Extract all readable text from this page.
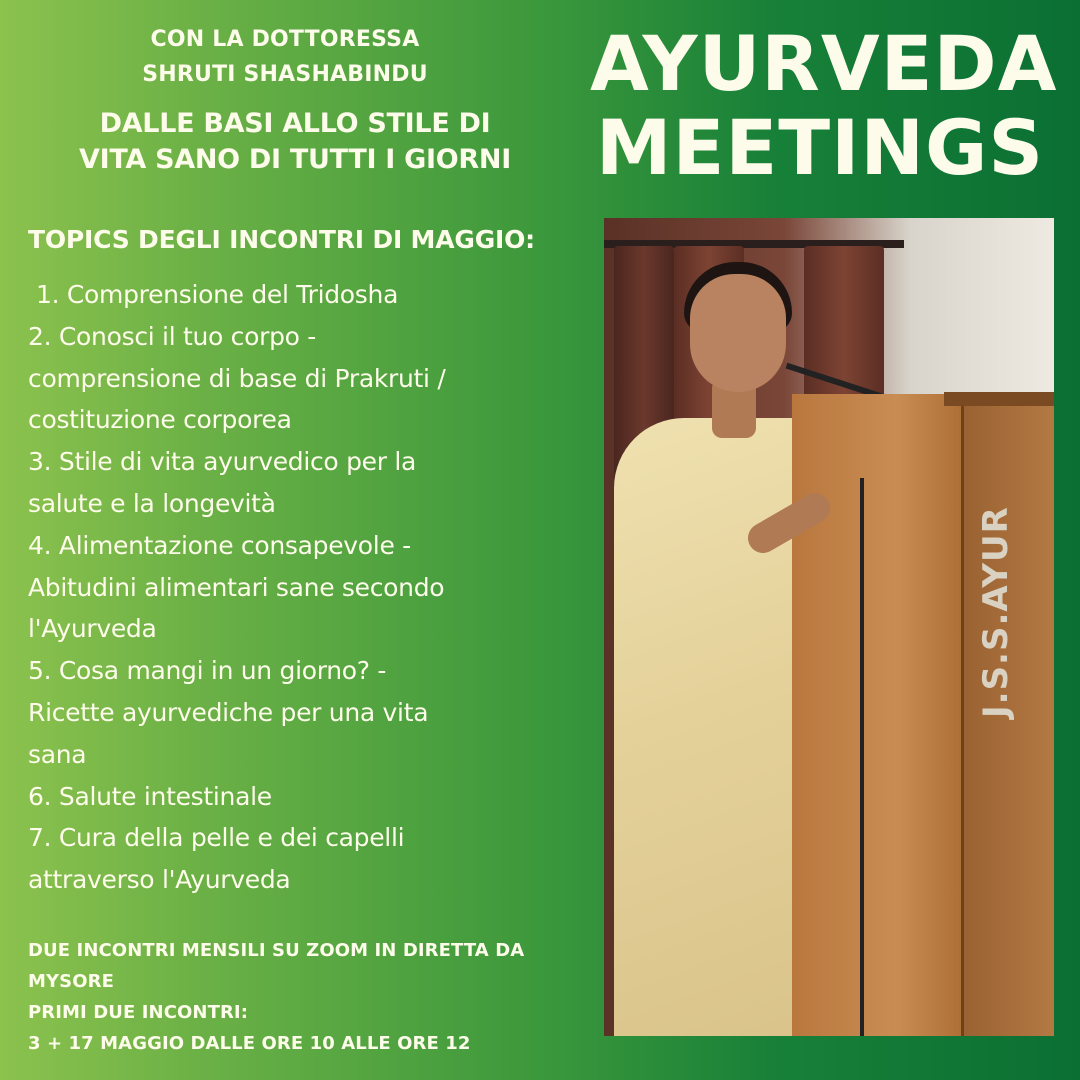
CON LA DOTTORESSA
SHRUTI SHASHABINDU
DALLE BASI ALLO STILE DI
VITA SANO DI TUTTI I GIORNI
AYURVEDA
MEETINGS
TOPICS DEGLI INCONTRI DI MAGGIO:
1. Comprensione del Tridosha
2. Conosci il tuo corpo -
comprensione di base di Prakruti /
costituzione corporea
3. Stile di vita ayurvedico per la
salute e la longevità
4. Alimentazione consapevole -
Abitudini alimentari sane secondo
l'Ayurveda
5. Cosa mangi in un giorno? -
Ricette ayurvediche per una vita
sana
6. Salute intestinale
7. Cura della pelle e dei capelli
attraverso l'Ayurveda
DUE INCONTRI MENSILI SU ZOOM IN DIRETTA DA
MYSORE
PRIMI DUE INCONTRI:
3 + 17 MAGGIO DALLE ORE 10 ALLE ORE 12
J.S.S.AYUR
